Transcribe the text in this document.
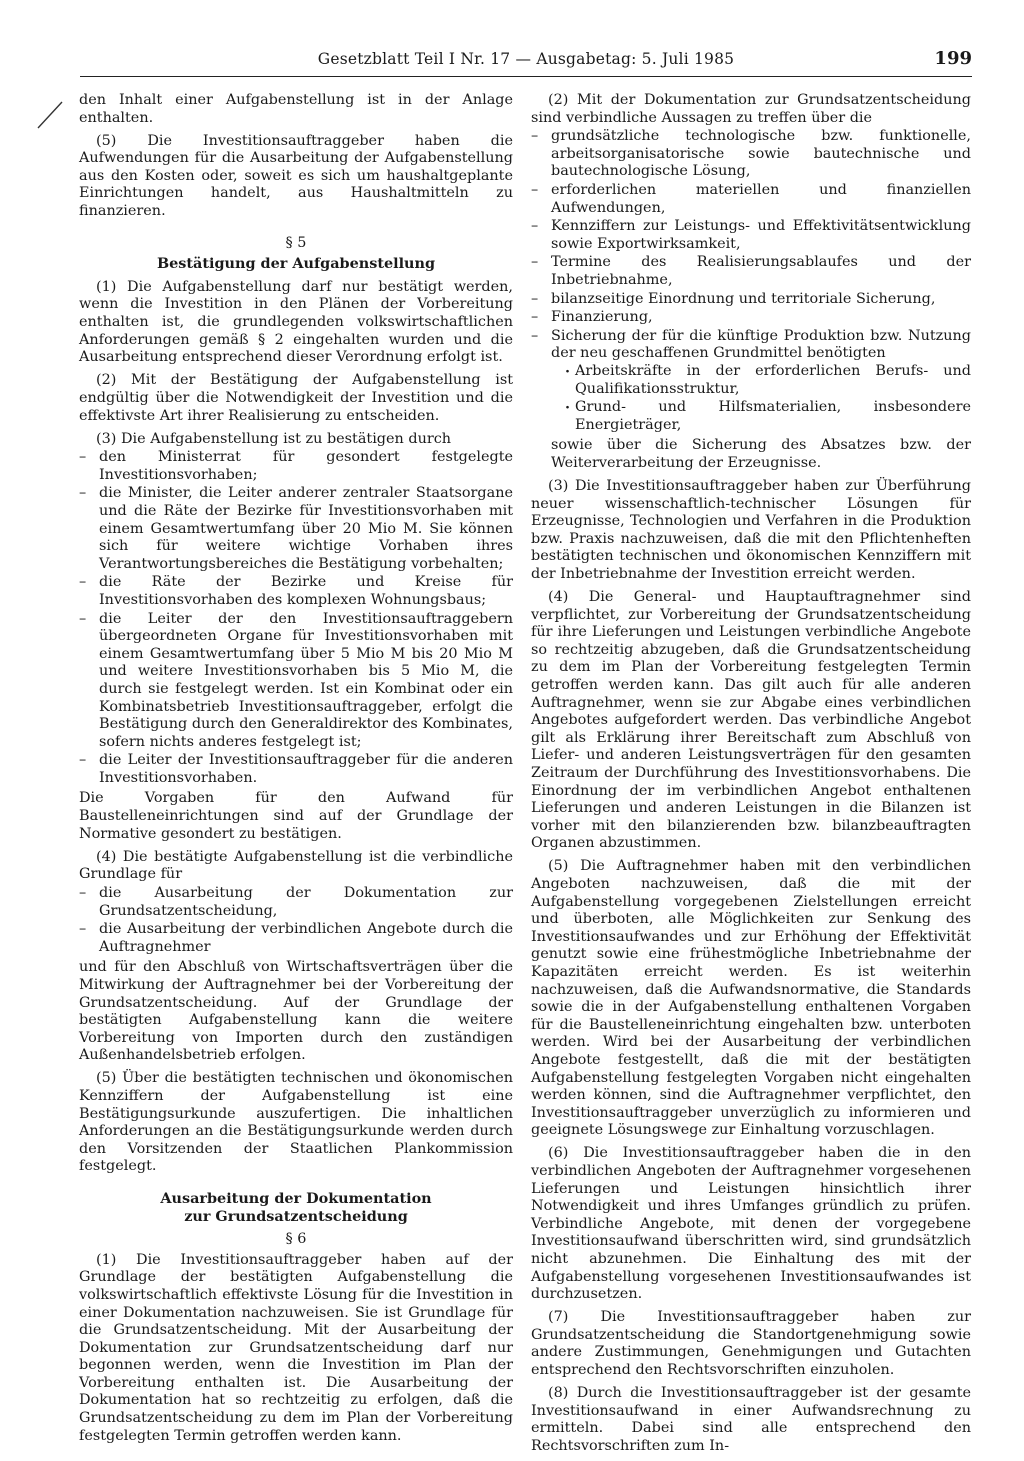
Gesetzblatt Teil I Nr. 17 — Ausgabetag: 5. Juli 1985	199

den Inhalt einer Aufgabenstellung ist in der Anlage enthalten.

(5) Die Investitionsauftraggeber haben die Aufwendungen für die Ausarbeitung der Aufgabenstellung aus den Kosten oder, soweit es sich um haushaltgeplante Einrichtungen handelt, aus Haushaltmitteln zu finanzieren.

§ 5
Bestätigung der Aufgabenstellung

(1) Die Aufgabenstellung darf nur bestätigt werden, wenn die Investition in den Plänen der Vorbereitung enthalten ist, die grundlegenden volkswirtschaftlichen Anforderungen gemäß § 2 eingehalten wurden und die Ausarbeitung entsprechend dieser Verordnung erfolgt ist.

(2) Mit der Bestätigung der Aufgabenstellung ist endgültig über die Notwendigkeit der Investition und die effektivste Art ihrer Realisierung zu entscheiden.

(3) Die Aufgabenstellung ist zu bestätigen durch

– den Ministerrat für gesondert festgelegte Investitionsvorhaben;
– die Minister, die Leiter anderer zentraler Staatsorgane und die Räte der Bezirke für Investitionsvorhaben mit einem Gesamtwertumfang über 20 Mio M. Sie können sich für weitere wichtige Vorhaben ihres Verantwortungsbereiches die Bestätigung vorbehalten;
– die Räte der Bezirke und Kreise für Investitionsvorhaben des komplexen Wohnungsbaus;
– die Leiter der den Investitionsauftraggebern übergeordneten Organe für Investitionsvorhaben mit einem Gesamtwertumfang über 5 Mio M bis 20 Mio M und weitere Investitionsvorhaben bis 5 Mio M, die durch sie festgelegt werden. Ist ein Kombinat oder ein Kombinatsbetrieb Investitionsauftraggeber, erfolgt die Bestätigung durch den Generaldirektor des Kombinates, sofern nichts anderes festgelegt ist;
– die Leiter der Investitionsauftraggeber für die anderen Investitionsvorhaben.

Die Vorgaben für den Aufwand für Baustelleneinrichtungen sind auf der Grundlage der Normative gesondert zu bestätigen.

(4) Die bestätigte Aufgabenstellung ist die verbindliche Grundlage für

– die Ausarbeitung der Dokumentation zur Grundsatzentscheidung,
– die Ausarbeitung der verbindlichen Angebote durch die Auftragnehmer

und für den Abschluß von Wirtschaftsverträgen über die Mitwirkung der Auftragnehmer bei der Vorbereitung der Grundsatzentscheidung. Auf der Grundlage der bestätigten Aufgabenstellung kann die weitere Vorbereitung von Importen durch den zuständigen Außenhandelsbetrieb erfolgen.

(5) Über die bestätigten technischen und ökonomischen Kennziffern der Aufgabenstellung ist eine Bestätigungsurkunde auszufertigen. Die inhaltlichen Anforderungen an die Bestätigungsurkunde werden durch den Vorsitzenden der Staatlichen Plankommission festgelegt.

Ausarbeitung der Dokumentation
zur Grundsatzentscheidung
§ 6

(1) Die Investitionsauftraggeber haben auf der Grundlage der bestätigten Aufgabenstellung die volkswirtschaftlich effektivste Lösung für die Investition in einer Dokumentation nachzuweisen. Sie ist Grundlage für die Grundsatzentscheidung. Mit der Ausarbeitung der Dokumentation zur Grundsatzentscheidung darf nur begonnen werden, wenn die Investition im Plan der Vorbereitung enthalten ist. Die Ausarbeitung der Dokumentation hat so rechtzeitig zu erfolgen, daß die Grundsatzentscheidung zu dem im Plan der Vorbereitung festgelegten Termin getroffen werden kann.

(2) Mit der Dokumentation zur Grundsatzentscheidung sind verbindliche Aussagen zu treffen über die

– grundsätzliche technologische bzw. funktionelle, arbeitsorganisatorische sowie bautechnische und bautechnologische Lösung,
– erforderlichen materiellen und finanziellen Aufwendungen,
– Kennziffern zur Leistungs- und Effektivitätsentwicklung sowie Exportwirksamkeit,
– Termine des Realisierungsablaufes und der Inbetriebnahme,
– bilanzseitige Einordnung und territoriale Sicherung,
– Finanzierung,
– Sicherung der für die künftige Produktion bzw. Nutzung der neu geschaffenen Grundmittel benötigten
· Arbeitskräfte in der erforderlichen Berufs- und Qualifikationsstruktur,
· Grund- und Hilfsmaterialien, insbesondere Energieträger,
sowie über die Sicherung des Absatzes bzw. der Weiterverarbeitung der Erzeugnisse.

(3) Die Investitionsauftraggeber haben zur Überführung neuer wissenschaftlich-technischer Lösungen für Erzeugnisse, Technologien und Verfahren in die Produktion bzw. Praxis nachzuweisen, daß die mit den Pflichtenheften bestätigten technischen und ökonomischen Kennziffern mit der Inbetriebnahme der Investition erreicht werden.

(4) Die General- und Hauptauftragnehmer sind verpflichtet, zur Vorbereitung der Grundsatzentscheidung für ihre Lieferungen und Leistungen verbindliche Angebote so rechtzeitig abzugeben, daß die Grundsatzentscheidung zu dem im Plan der Vorbereitung festgelegten Termin getroffen werden kann. Das gilt auch für alle anderen Auftragnehmer, wenn sie zur Abgabe eines verbindlichen Angebotes aufgefordert werden. Das verbindliche Angebot gilt als Erklärung ihrer Bereitschaft zum Abschluß von Liefer- und anderen Leistungsverträgen für den gesamten Zeitraum der Durchführung des Investitionsvorhabens. Die Einordnung der im verbindlichen Angebot enthaltenen Lieferungen und anderen Leistungen in die Bilanzen ist vorher mit den bilanzierenden bzw. bilanzbeauftragten Organen abzustimmen.

(5) Die Auftragnehmer haben mit den verbindlichen Angeboten nachzuweisen, daß die mit der Aufgabenstellung vorgegebenen Zielstellungen erreicht und überboten, alle Möglichkeiten zur Senkung des Investitionsaufwandes und zur Erhöhung der Effektivität genutzt sowie eine frühestmögliche Inbetriebnahme der Kapazitäten erreicht werden. Es ist weiterhin nachzuweisen, daß die Aufwandsnormative, die Standards sowie die in der Aufgabenstellung enthaltenen Vorgaben für die Baustelleneinrichtung eingehalten bzw. unterboten werden. Wird bei der Ausarbeitung der verbindlichen Angebote festgestellt, daß die mit der bestätigten Aufgabenstellung festgelegten Vorgaben nicht eingehalten werden können, sind die Auftragnehmer verpflichtet, den Investitionsauftraggeber unverzüglich zu informieren und geeignete Lösungswege zur Einhaltung vorzuschlagen.

(6) Die Investitionsauftraggeber haben die in den verbindlichen Angeboten der Auftragnehmer vorgesehenen Lieferungen und Leistungen hinsichtlich ihrer Notwendigkeit und ihres Umfanges gründlich zu prüfen. Verbindliche Angebote, mit denen der vorgegebene Investitionsaufwand überschritten wird, sind grundsätzlich nicht abzunehmen. Die Einhaltung des mit der Aufgabenstellung vorgesehenen Investitionsaufwandes ist durchzusetzen.

(7) Die Investitionsauftraggeber haben zur Grundsatzentscheidung die Standortgenehmigung sowie andere Zustimmungen, Genehmigungen und Gutachten entsprechend den Rechtsvorschriften einzuholen.

(8) Durch die Investitionsauftraggeber ist der gesamte Investitionsaufwand in einer Aufwandsrechnung zu ermitteln. Dabei sind alle entsprechend den Rechtsvorschriften zum In-
